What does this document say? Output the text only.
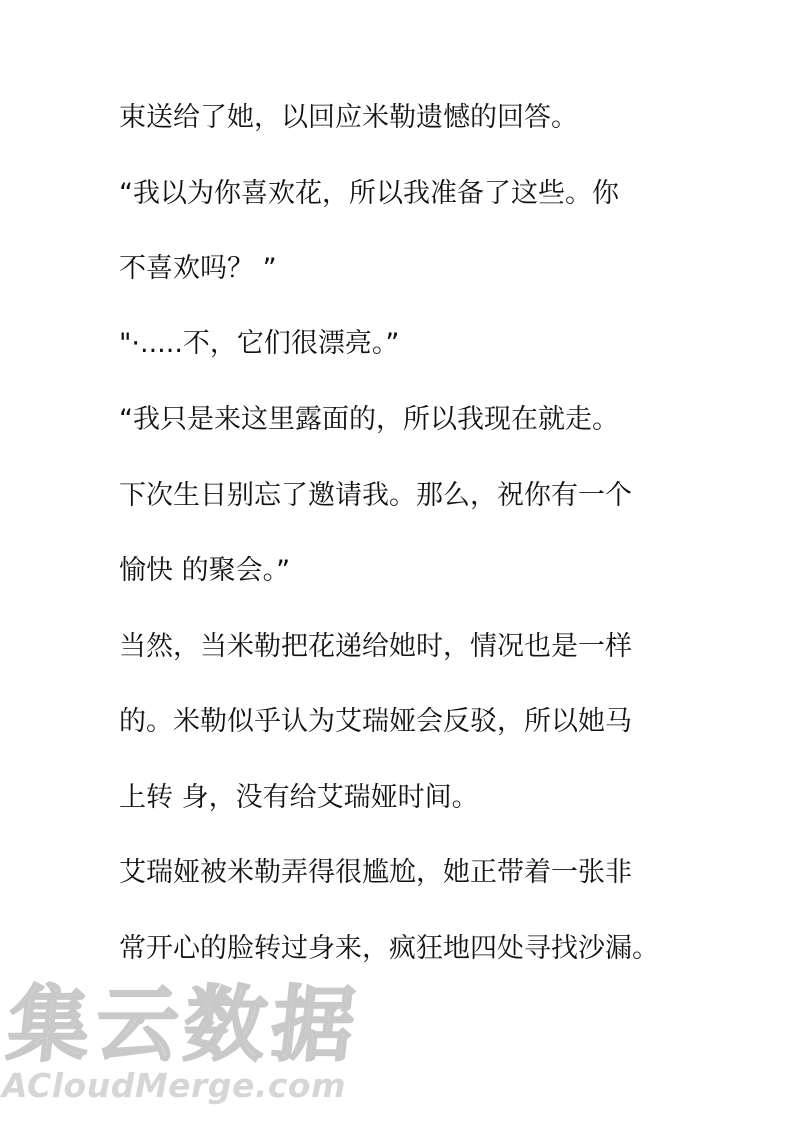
束送给了她，以回应米勒遗憾的回答。
“我以为你喜欢花，所以我准备了这些。你
不喜欢吗？ ”
"·.....不，它们很漂亮。”
“我只是来这里露面的，所以我现在就走。
下次生日别忘了邀请我。那么，祝你有一个
愉快 的聚会。”
当然，当米勒把花递给她时，情况也是一样
的。米勒似乎认为艾瑞娅会反驳，所以她马
上转 身，没有给艾瑞娅时间。
艾瑞娅被米勒弄得很尴尬，她正带着一张非
常开心的脸转过身来，疯狂地四处寻找沙漏。
集云数据
ACloudMerge.com
